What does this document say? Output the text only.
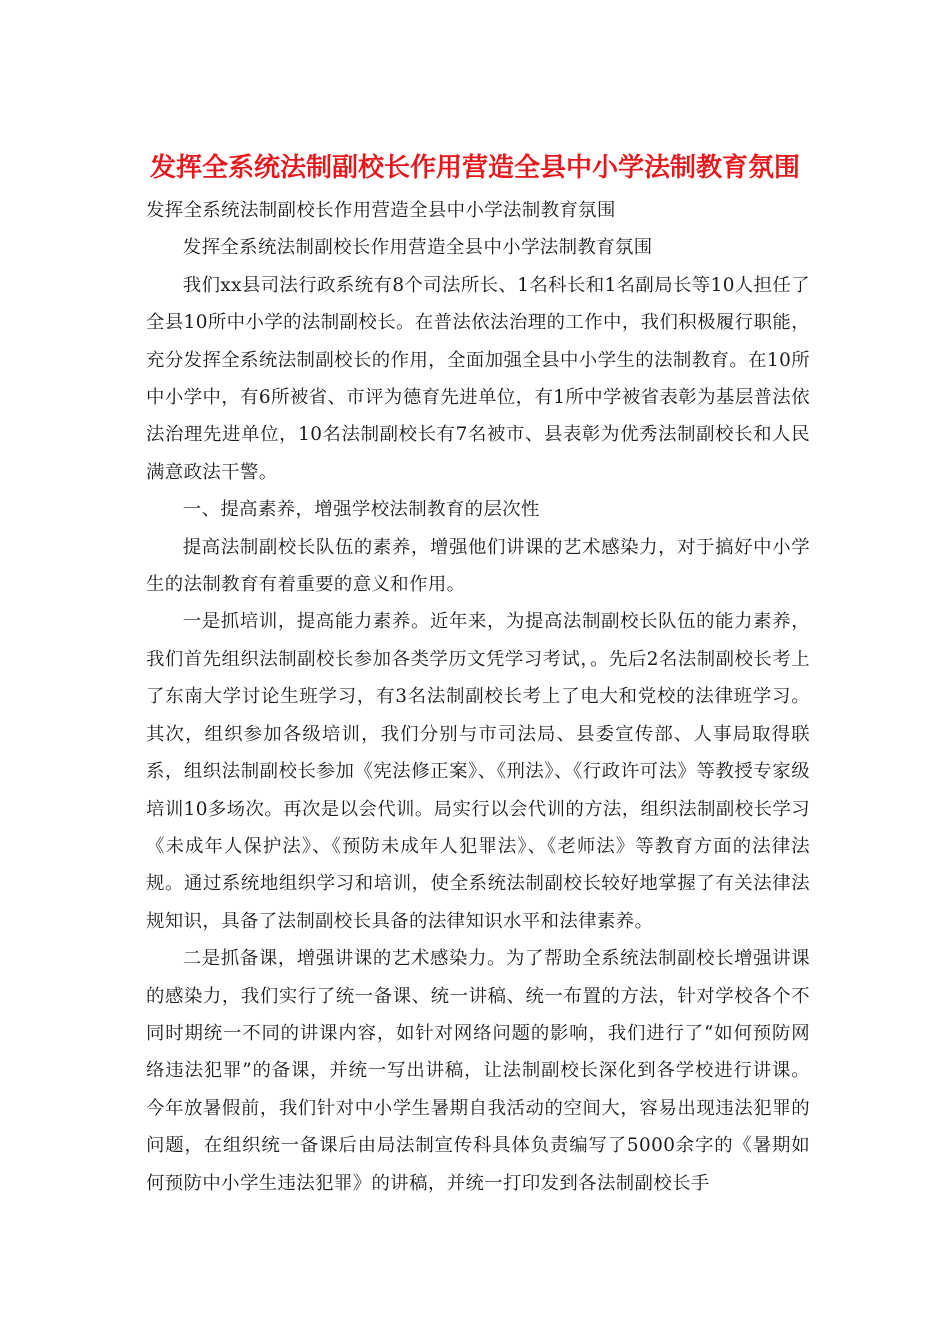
发挥全系统法制副校长作用营造全县中小学法制教育氛围

发挥全系统法制副校长作用营造全县中小学法制教育氛围

发挥全系统法制副校长作用营造全县中小学法制教育氛围

我们xx县司法行政系统有8个司法所长、1名科长和1名副局长等10人担任了全县10所中小学的法制副校长。在普法依法治理的工作中，我们积极履行职能，充分发挥全系统法制副校长的作用，全面加强全县中小学生的法制教育。在10所中小学中，有6所被省、市评为德育先进单位，有1所中学被省表彰为基层普法依法治理先进单位，10名法制副校长有7名被市、县表彰为优秀法制副校长和人民满意政法干警。

一、提高素养，增强学校法制教育的层次性

提高法制副校长队伍的素养，增强他们讲课的艺术感染力，对于搞好中小学生的法制教育有着重要的意义和作用。

一是抓培训，提高能力素养。近年来，为提高法制副校长队伍的能力素养，我们首先组织法制副校长参加各类学历文凭学习考试，。先后2名法制副校长考上了东南大学讨论生班学习，有3名法制副校长考上了电大和党校的法律班学习。其次，组织参加各级培训，我们分别与市司法局、县委宣传部、人事局取得联系，组织法制副校长参加《宪法修正案》、《刑法》、《行政许可法》等教授专家级培训10多场次。再次是以会代训。局实行以会代训的方法，组织法制副校长学习《未成年人保护法》、《预防未成年人犯罪法》、《老师法》等教育方面的法律法规。通过系统地组织学习和培训，使全系统法制副校长较好地掌握了有关法律法规知识，具备了法制副校长具备的法律知识水平和法律素养。

二是抓备课，增强讲课的艺术感染力。为了帮助全系统法制副校长增强讲课的感染力，我们实行了统一备课、统一讲稿、统一布置的方法，针对学校各个不同时期统一不同的讲课内容，如针对网络问题的影响，我们进行了“如何预防网络违法犯罪”的备课，并统一写出讲稿，让法制副校长深化到各学校进行讲课。今年放暑假前，我们针对中小学生暑期自我活动的空间大，容易出现违法犯罪的问题，在组织统一备课后由局法制宣传科具体负责编写了5000余字的《暑期如何预防中小学生违法犯罪》的讲稿，并统一打印发到各法制副校长手
